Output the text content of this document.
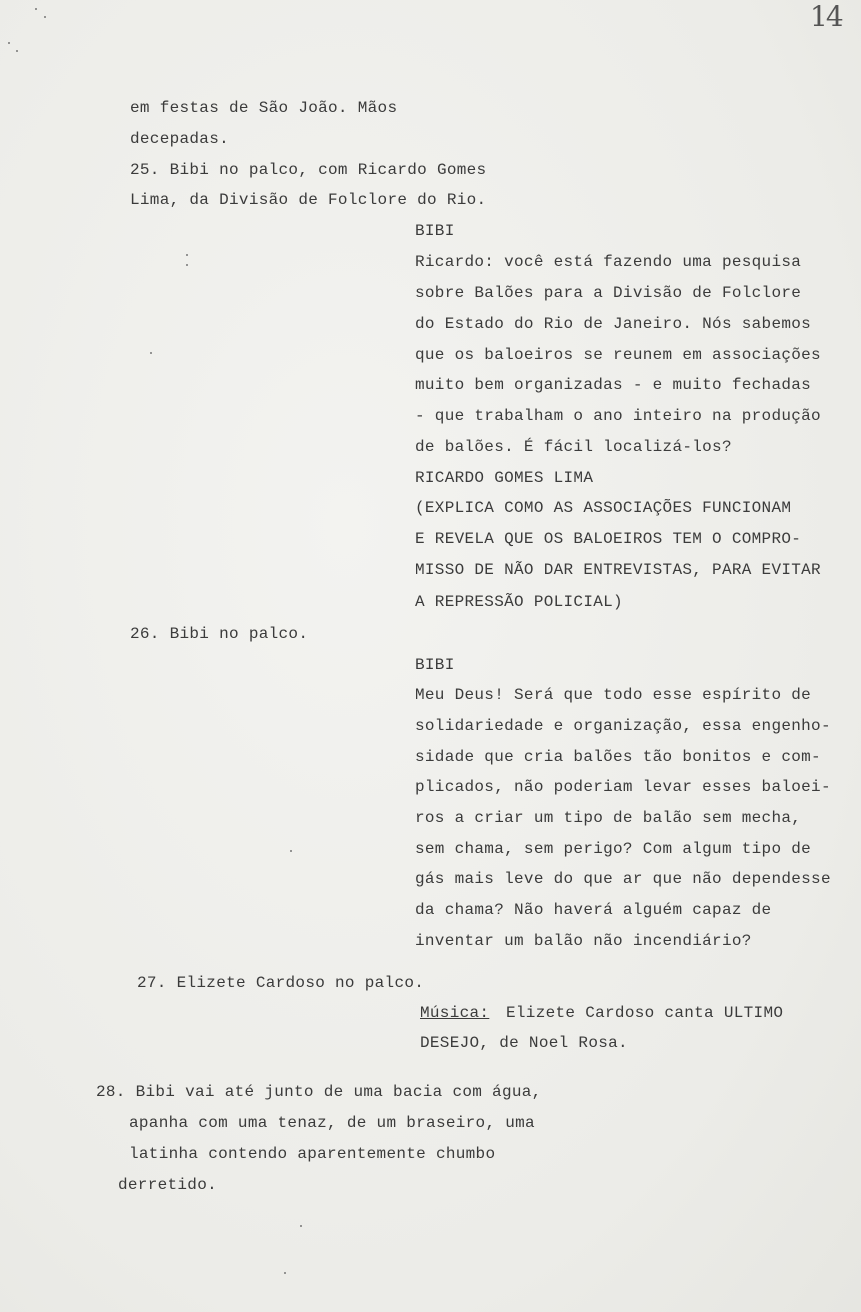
14
em festas de São João. Mãos
decepadas.
25. Bibi no palco, com Ricardo Gomes
Lima, da Divisão de Folclore do Rio.
BIBI
Ricardo: você está fazendo uma pesquisa
sobre Balões para a Divisão de Folclore
do Estado do Rio de Janeiro. Nós sabemos
que os baloeiros se reunem em associações
muito bem organizadas - e muito fechadas
- que trabalham o ano inteiro na produção
de balões. É fácil localizá-los?
RICARDO GOMES LIMA
(EXPLICA COMO AS ASSOCIAÇÕES FUNCIONAM
E REVELA QUE OS BALOEIROS TEM O COMPRO-
MISSO DE NÃO DAR ENTREVISTAS, PARA EVITAR
A REPRESSÃO POLICIAL)
26. Bibi no palco.
BIBI
Meu Deus! Será que todo esse espírito de
solidariedade e organização, essa engenho-
sidade que cria balões tão bonitos e com-
plicados, não poderiam levar esses baloei-
ros a criar um tipo de balão sem mecha,
sem chama, sem perigo? Com algum tipo de
gás mais leve do que ar que não dependesse
da chama? Não haverá alguém capaz de
inventar um balão não incendiário?
27. Elizete Cardoso no palco.
Música: Elizete Cardoso canta ULTIMO
DESEJO, de Noel Rosa.
28. Bibi vai até junto de uma bacia com água,
apanha com uma tenaz, de um braseiro, uma
latinha contendo aparentemente chumbo
derretido.
